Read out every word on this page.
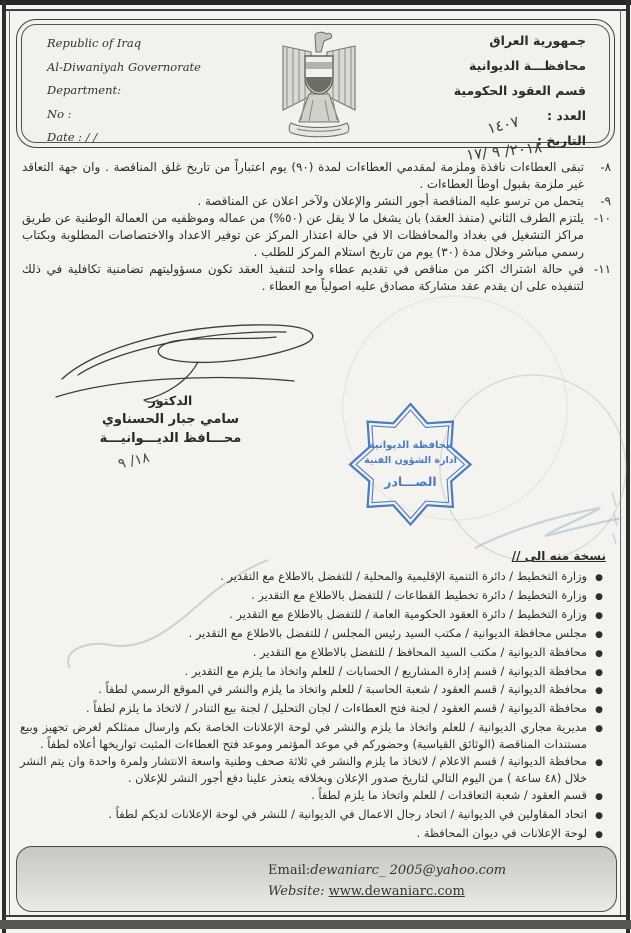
Republic of Iraq
Al-Diwaniyah Governorate
Department:
No :
Date : / /
جمهورية العراق
محافظـــة الديوانية
قسم العقود الحكومية
العدد :
التاريخ :
١٤٠٧
٢٠١٨/ ٩ /١٧
٨-
تبقى العطاءات نافذة وملزمة لمقدمي العطاءات لمدة (٩٠) يوم اعتباراً من تاريخ غلق المناقصة . وان جهة التعاقد غير ملزمة بقبول اوطأ العطاءات .
٩-
يتحمل من ترسو عليه المناقصة أجور النشر والإعلان ولآخر اعلان عن المناقصة .
١٠-
يلتزم الطرف الثاني (منفذ العقد) بان يشغل ما لا يقل عن (٥٠%) من عماله وموظفيه من العمالة الوطنية عن طريق مراكز التشغيل في بغداد والمحافظات الا في حالة اعتذار المركز عن توفير الاعداد والاختصاصات المطلوبة وبكتاب رسمي مباشر وخلال مدة (٣٠) يوم من تاريخ استلام المركز للطلب .
١١-
في حالة اشتراك اكثر من مناقص في تقديم عطاء واحد لتنفيذ العقد تكون مسؤوليتهم تضامنية تكافلية في ذلك لتنفيذه على ان يقدم عقد مشاركة مصادق عليه اصولياً مع العطاء .
الدكتور
سامي جبار الحسناوي
محـــافظ الديـــوانيـــة
١٨/ ٩
محافظة الديوانية
ادارة الشؤون الفنية
الصـــادر
نسخة منه الى //
●
وزارة التخطيط / دائرة التنمية الإقليمية والمحلية / للتفضل بالاطلاع مع التقدير .
●
وزارة التخطيط / دائرة تخطيط القطاعات / للتفضل بالاطلاع مع التقدير .
●
وزارة التخطيط / دائرة العقود الحكومية العامة / للتفضل بالاطلاع مع التقدير .
●
مجلس محافظة الديوانية / مكتب السيد رئيس المجلس / للتفضل بالاطلاع مع التقدير .
●
محافظة الديوانية / مكتب السيد المحافظ / للتفضل بالاطلاع مع التقدير .
●
محافظة الديوانية / قسم إدارة المشاريع / الحسابات / للعلم واتخاذ ما يلزم مع التقدير .
●
محافظة الديوانية / قسم العقود / شعبة الحاسبة / للعلم واتخاذ ما يلزم والنشر في الموقع الرسمي لطفاً .
●
محافظة الديوانية / قسم العقود / لجنة فتح العطاءات / لجان التحليل / لجنة بيع التنادر / لاتخاذ ما يلزم لطفاً .
●
مديرية مجاري الديوانية / للعلم واتخاذ ما يلزم والنشر في لوحة الإعلانات الخاصة بكم وارسال ممثلكم لغرض تجهيز وبيع مستندات المناقصة (الوثائق القياسية) وحضوركم في موعد المؤتمر وموعد فتح العطاءات المثبت تواريخها أعلاه لطفاً .
●
محافظة الديوانية / قسم الاعلام / لاتخاذ ما يلزم والنشر في ثلاثة صحف وطنية واسعة الانتشار ولمرة واحدة وان يتم النشر خلال (٤٨ ساعة ) من اليوم التالي لتاريخ صدور الإعلان وبخلافه يتعذر علينا دفع أجور النشر للإعلان .
●
قسم العقود / شعبة التعاقدات / للعلم واتخاذ ما يلزم لطفاً .
●
اتحاد المقاولين في الديوانية / اتحاد رجال الاعمال في الديوانية / للنشر في لوحة الإعلانات لديكم لطفاً .
●
لوحة الإعلانات في ديوان المحافظة .
Email:dewaniarc_ 2005@yahoo.com
Website: www.dewaniarc.com
